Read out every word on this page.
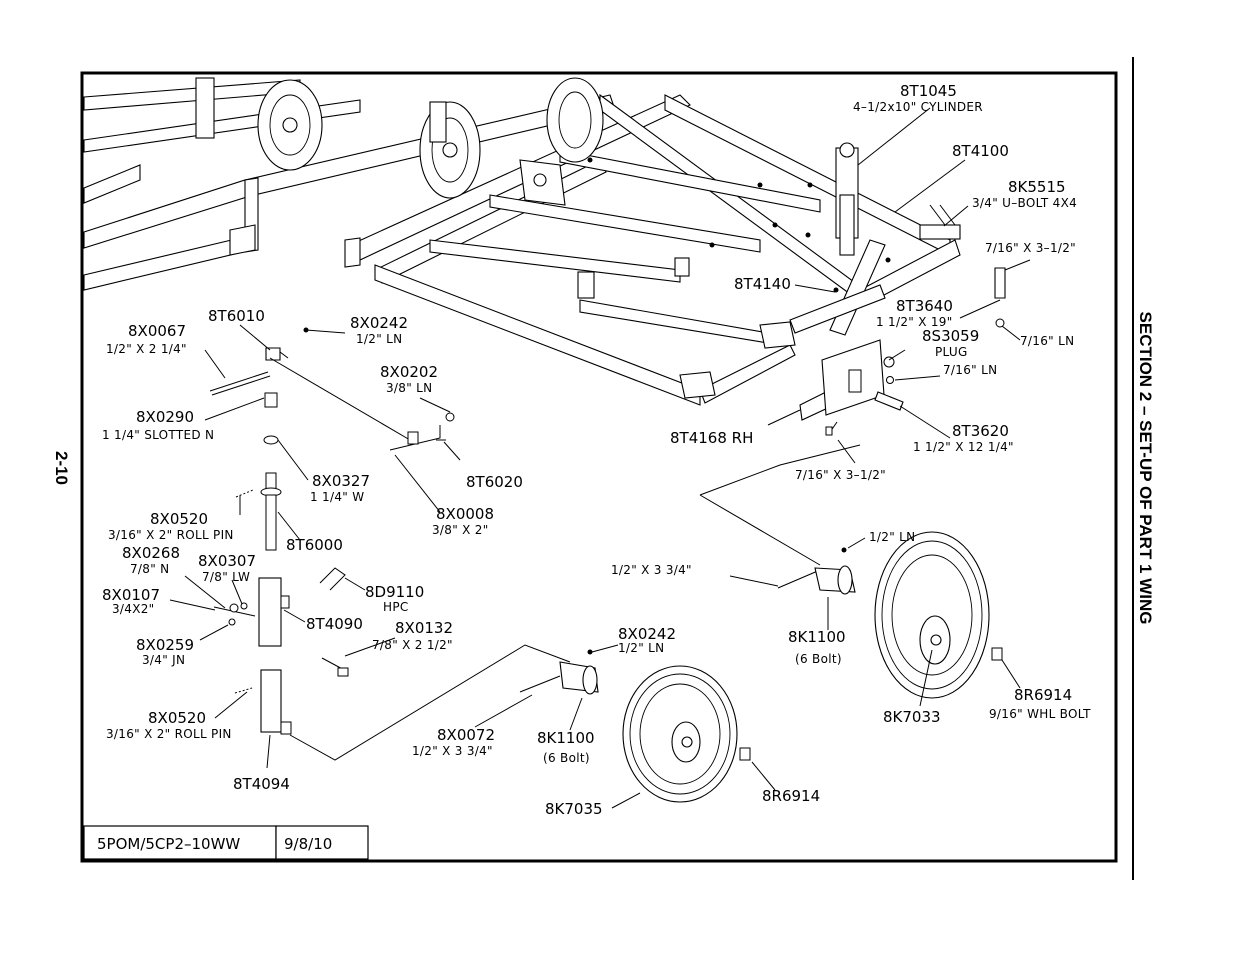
2-10	SECTION 2 – SET-UP OF PART 1 WING
8T1045
4–1/2x10" CYLINDER
8T4100
8K5515
3/4" U–BOLT 4X4
7/16" X 3–1/2"
8T4140
8T3640
1 1/2" X 19"
8S3059
PLUG
7/16" LN
7/16" LN
8T3620
1 1/2" X 12 1/4"
8T4168 RH
7/16" X 3–1/2"
8X0067
1/2" X 2 1/4"
8T6010	8X0242
1/2" LN
8X0202
3/8" LN
8X0290
1 1/4" SLOTTED N
8T6020
8X0327
1 1/4" W
8X0008
3/8" X 2"
8X0520
3/16" X 2" ROLL PIN
8T6000
8X0268
7/8" N 8X0307
7/8" LW
8D9110
HPC
8X0107
3/4X2"
8T4090 8X0132
7/8" X 2 1/2"
8X0259
3/4" JN
8X0520
3/16" X 2" ROLL PIN
8T4094
8X0242
1/2" LN
8X0072
1/2" X 3 3/4"
8K1100
(6 Bolt)
8K7035
8R6914
1/2" LN
1/2" X 3 3/4"
8K1100
(6 Bolt)
8K7033
8R6914
9/16" WHL BOLT
5POM/5CP2–10WW	9/8/10
